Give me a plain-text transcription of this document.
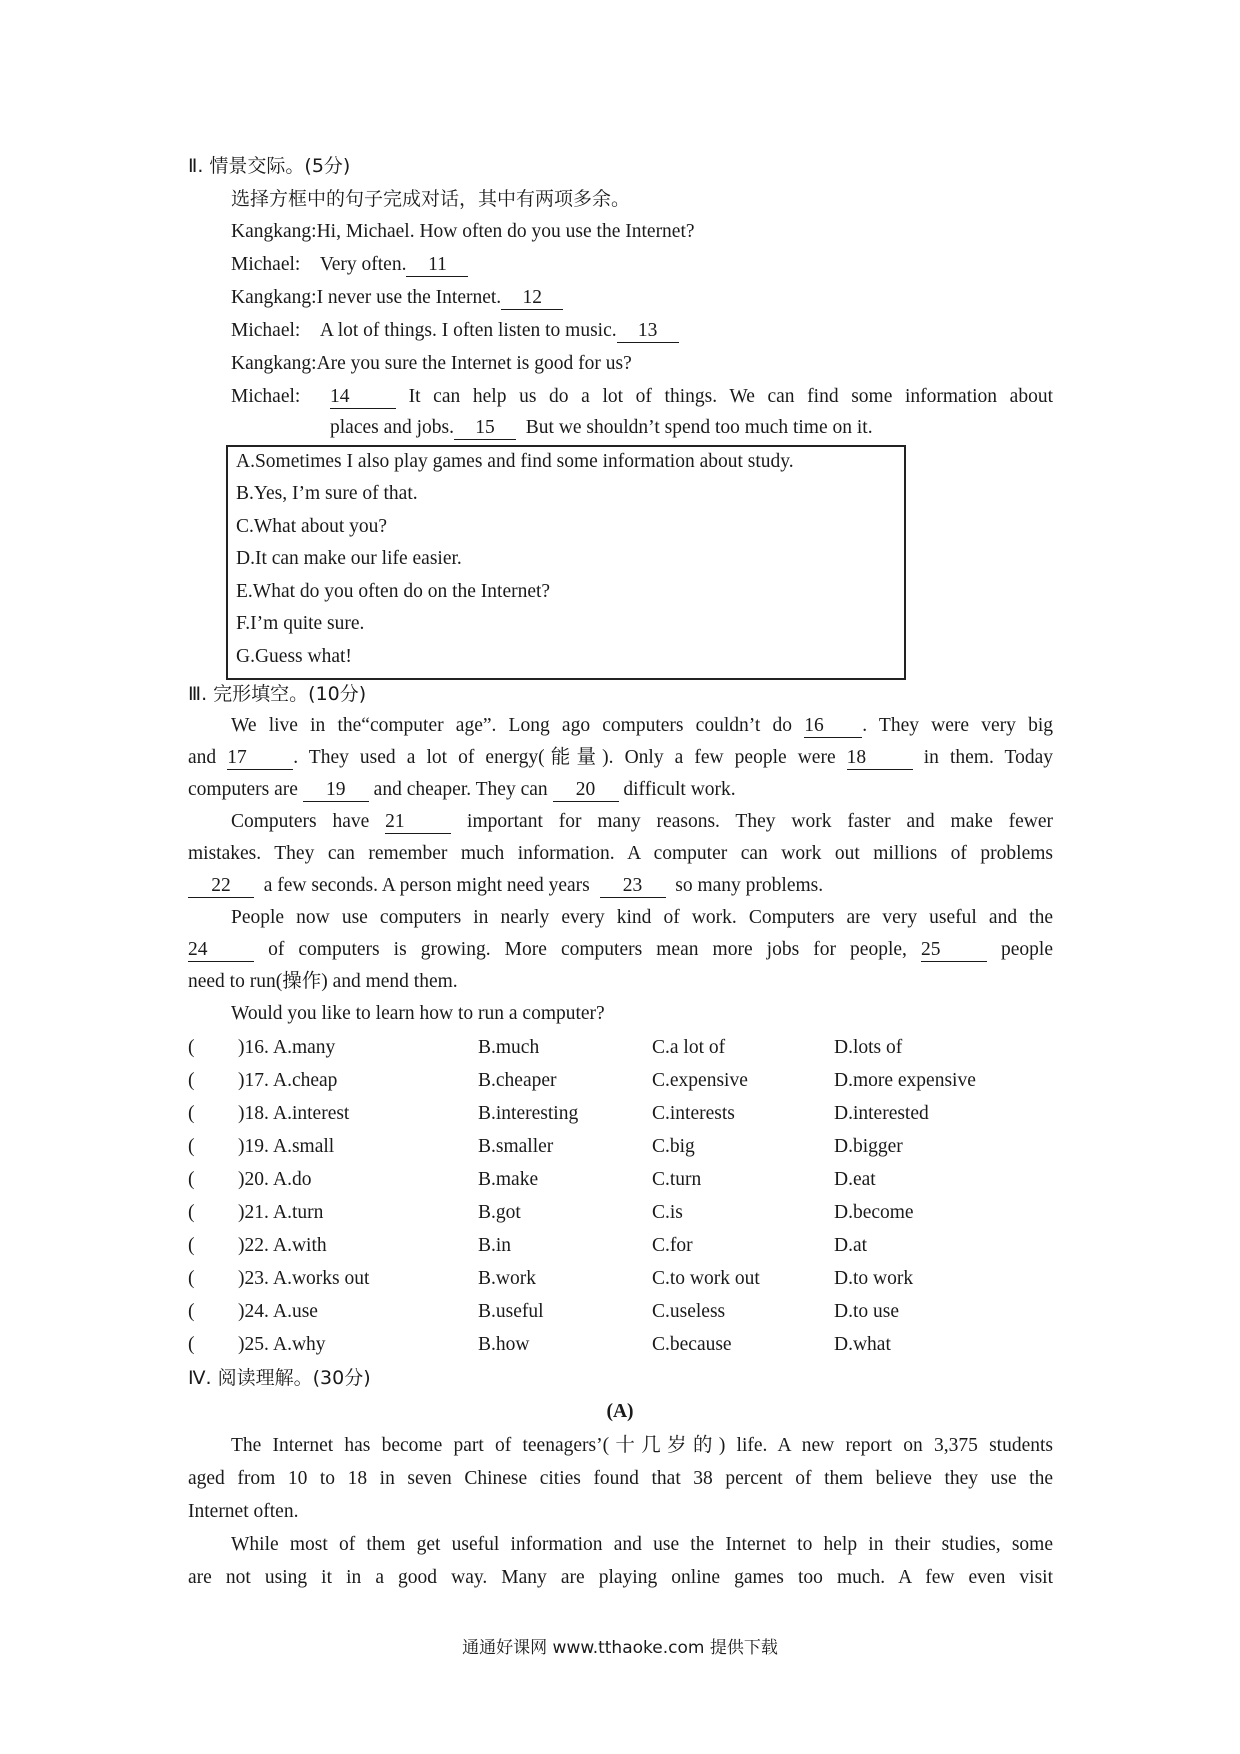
Ⅱ. 情景交际。(5分)
选择方框中的句子完成对话，其中有两项多余。
Kangkang:Hi, Michael. How often do you use the Internet?
Michael: Very often. 11
Kangkang:I never use the Internet. 12
Michael: A lot of things. I often listen to music. 13
Kangkang:Are you sure the Internet is good for us?
Michael: 14	It can help us do a lot of things. We can find some information about
places and jobs. 15 But we shouldn’t spend too much time on it.
A.Sometimes I also play games and find some information about study.
B.Yes, I’m sure of that.
C.What about you?
D.It can make our life easier.
E.What do you often do on the Internet?
F.I’m quite sure.
G.Guess what!
Ⅲ. 完形填空。(10分)
We live in the“computer age”. Long ago computers couldn’t do 16 . They were very big
and 17 . They used a lot of energy(能量). Only a few people were 18	in them. Today
computers are 19 and cheaper. They can 20 difficult work.
Computers have 21	important for many reasons. They work faster and make fewer
mistakes. They can remember much information. A computer can work out millions of problems
22 a few seconds. A person might need years 23 so many problems.
People now use computers in nearly every kind of work. Computers are very useful and the
24	of computers is growing. More computers mean more jobs for people, 25	people
need to run(操作) and mend them.
Would you like to learn how to run a computer?
( )16. A.many	B.much	C.a lot of	D.lots of
( )17. A.cheap	B.cheaper	C.expensive	D.more expensive
( )18. A.interest	B.interesting	C.interests	D.interested
( )19. A.small	B.smaller	C.big	D.bigger
( )20. A.do	B.make	C.turn	D.eat
( )21. A.turn	B.got	C.is	D.become
( )22. A.with	B.in	C.for	D.at
( )23. A.works out	B.work	C.to work out	D.to work
( )24. A.use	B.useful	C.useless	D.to use
( )25. A.why	B.how	C.because	D.what
Ⅳ. 阅读理解。(30分)
(A)
The Internet has become part of teenagers’(十几岁的) life. A new report on 3,375 students
aged from 10 to 18 in seven Chinese cities found that 38 percent of them believe they use the
Internet often.
While most of them get useful information and use the Internet to help in their studies, some
are not using it in a good way. Many are playing online games too much. A few even visit
通通好课网 www.tthaoke.com 提供下载
